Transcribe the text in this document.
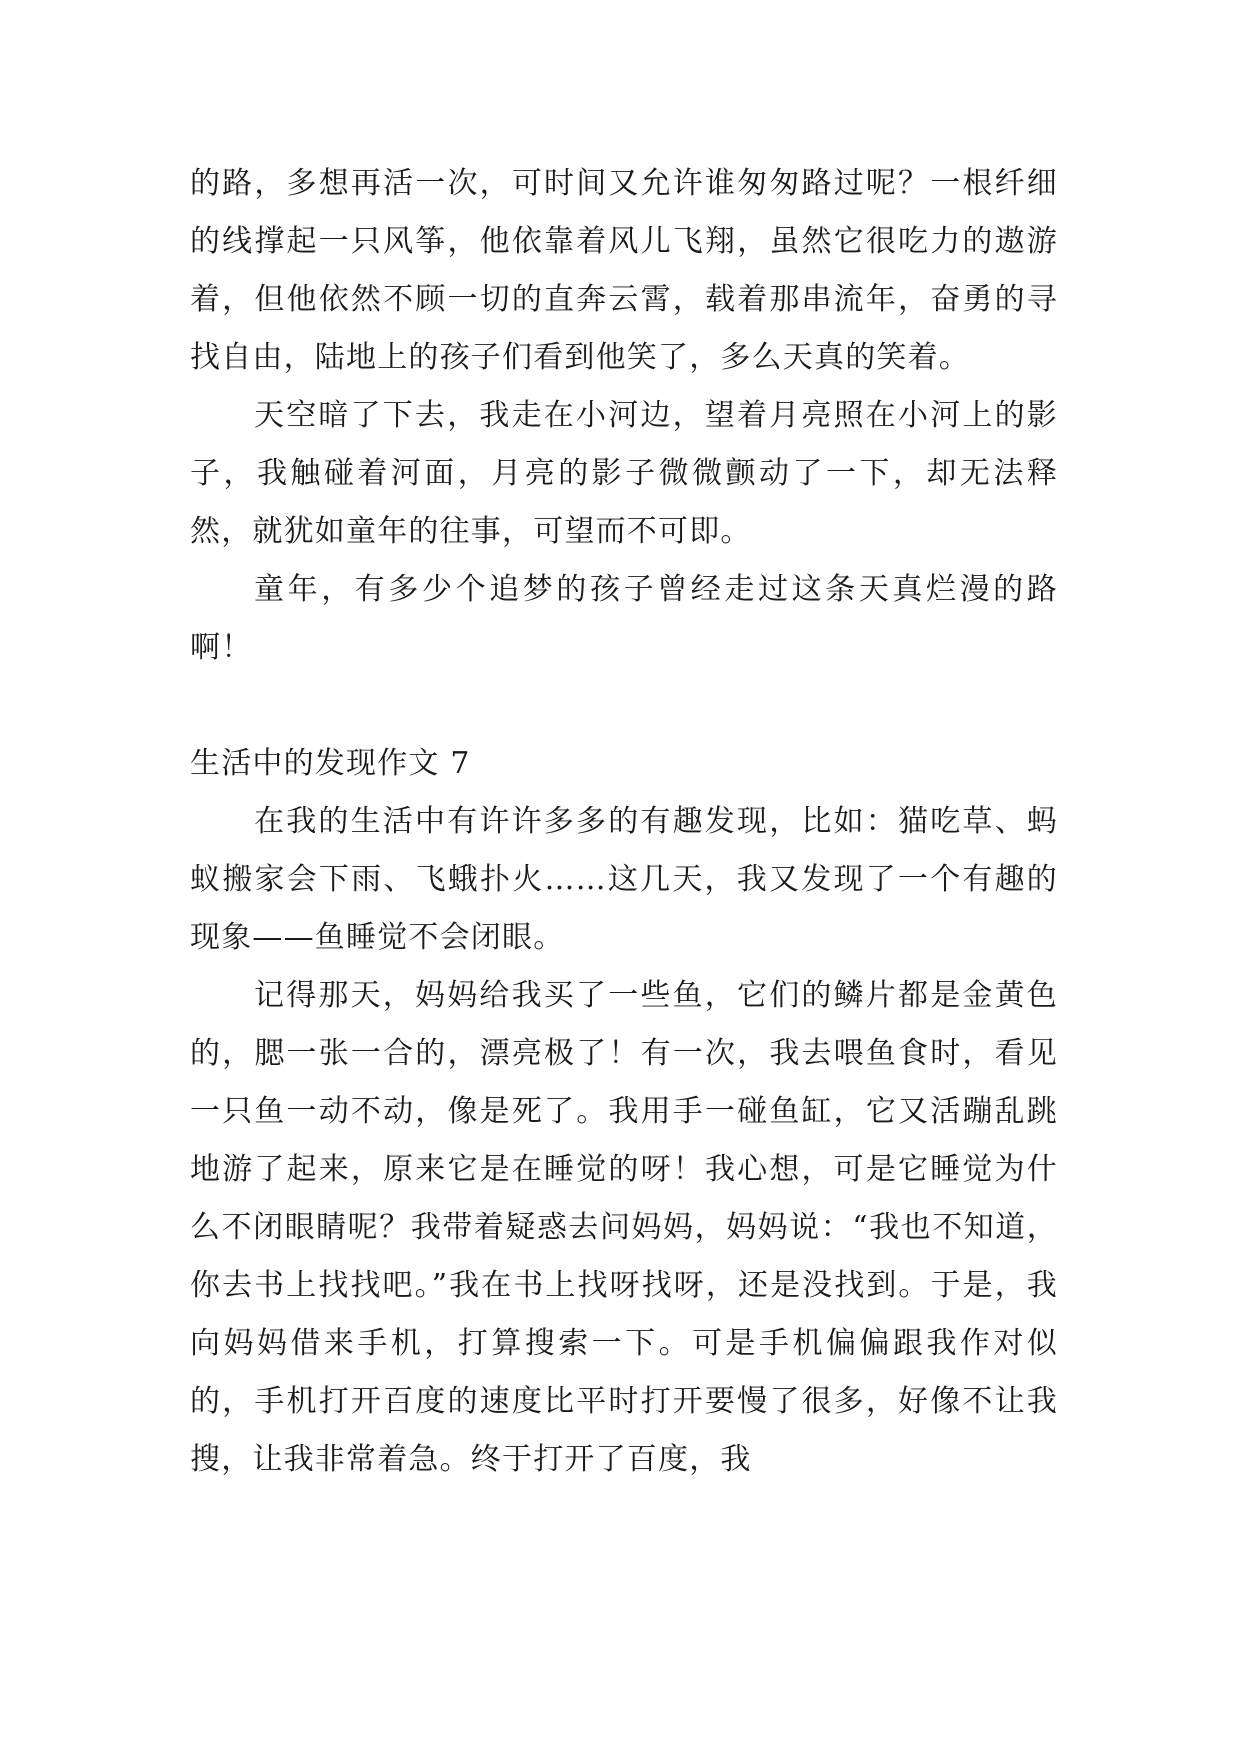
的路，多想再活一次，可时间又允许谁匆匆路过呢？一根纤细的线撑起一只风筝，他依靠着风儿飞翔，虽然它很吃力的遨游着，但他依然不顾一切的直奔云霄，载着那串流年，奋勇的寻找自由，陆地上的孩子们看到他笑了，多么天真的笑着。

天空暗了下去，我走在小河边，望着月亮照在小河上的影子，我触碰着河面，月亮的影子微微颤动了一下，却无法释然，就犹如童年的往事，可望而不可即。

童年，有多少个追梦的孩子曾经走过这条天真烂漫的路啊！

生活中的发现作文 7

在我的生活中有许许多多的有趣发现，比如：猫吃草、蚂蚁搬家会下雨、飞蛾扑火……这几天，我又发现了一个有趣的现象——鱼睡觉不会闭眼。

记得那天，妈妈给我买了一些鱼，它们的鳞片都是金黄色的，腮一张一合的，漂亮极了！有一次，我去喂鱼食时，看见一只鱼一动不动，像是死了。我用手一碰鱼缸，它又活蹦乱跳地游了起来，原来它是在睡觉的呀！我心想，可是它睡觉为什么不闭眼睛呢？我带着疑惑去问妈妈，妈妈说：“我也不知道，你去书上找找吧。”我在书上找呀找呀，还是没找到。于是，我向妈妈借来手机，打算搜索一下。可是手机偏偏跟我作对似的，手机打开百度的速度比平时打开要慢了很多，好像不让我搜，让我非常着急。终于打开了百度，我
